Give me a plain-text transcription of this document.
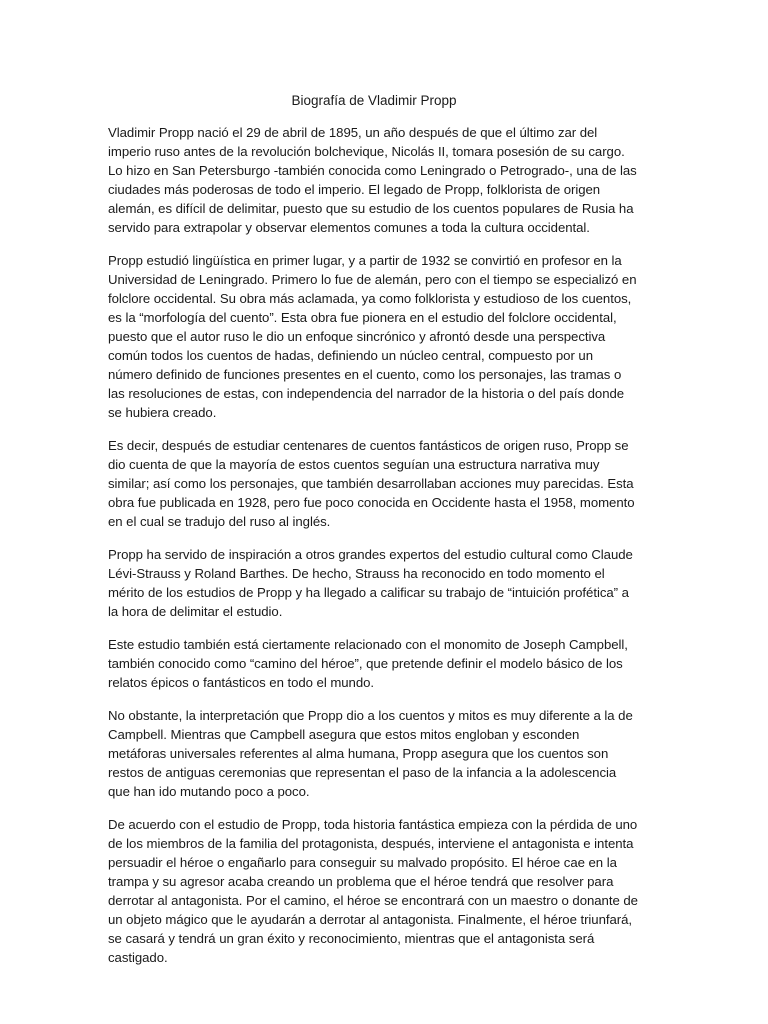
Biografía de Vladimir Propp

Vladimir Propp nació el 29 de abril de 1895, un año después de que el último zar del imperio ruso antes de la revolución bolchevique, Nicolás II, tomara posesión de su cargo. Lo hizo en San Petersburgo -también conocida como Leningrado o Petrogrado-, una de las ciudades más poderosas de todo el imperio. El legado de Propp, folklorista de origen alemán, es difícil de delimitar, puesto que su estudio de los cuentos populares de Rusia ha servido para extrapolar y observar elementos comunes a toda la cultura occidental.

Propp estudió lingüística en primer lugar, y a partir de 1932 se convirtió en profesor en la Universidad de Leningrado. Primero lo fue de alemán, pero con el tiempo se especializó en folclore occidental. Su obra más aclamada, ya como folklorista y estudioso de los cuentos, es la “morfología del cuento”. Esta obra fue pionera en el estudio del folclore occidental, puesto que el autor ruso le dio un enfoque sincrónico y afrontó desde una perspectiva común todos los cuentos de hadas, definiendo un núcleo central, compuesto por un número definido de funciones presentes en el cuento, como los personajes, las tramas o las resoluciones de estas, con independencia del narrador de la historia o del país donde se hubiera creado.

Es decir, después de estudiar centenares de cuentos fantásticos de origen ruso, Propp se dio cuenta de que la mayoría de estos cuentos seguían una estructura narrativa muy similar; así como los personajes, que también desarrollaban acciones muy parecidas. Esta obra fue publicada en 1928, pero fue poco conocida en Occidente hasta el 1958, momento en el cual se tradujo del ruso al inglés.

Propp ha servido de inspiración a otros grandes expertos del estudio cultural como Claude Lévi-Strauss y Roland Barthes. De hecho, Strauss ha reconocido en todo momento el mérito de los estudios de Propp y ha llegado a calificar su trabajo de “intuición profética” a la hora de delimitar el estudio.

Este estudio también está ciertamente relacionado con el monomito de Joseph Campbell, también conocido como “camino del héroe”, que pretende definir el modelo básico de los relatos épicos o fantásticos en todo el mundo.

No obstante, la interpretación que Propp dio a los cuentos y mitos es muy diferente a la de Campbell. Mientras que Campbell asegura que estos mitos engloban y esconden metáforas universales referentes al alma humana, Propp asegura que los cuentos son restos de antiguas ceremonias que representan el paso de la infancia a la adolescencia que han ido mutando poco a poco.

De acuerdo con el estudio de Propp, toda historia fantástica empieza con la pérdida de uno de los miembros de la familia del protagonista, después, interviene el antagonista e intenta persuadir el héroe o engañarlo para conseguir su malvado propósito. El héroe cae en la trampa y su agresor acaba creando un problema que el héroe tendrá que resolver para derrotar al antagonista. Por el camino, el héroe se encontrará con un maestro o donante de un objeto mágico que le ayudarán a derrotar al antagonista. Finalmente, el héroe triunfará, se casará y tendrá un gran éxito y reconocimiento, mientras que el antagonista será castigado.
